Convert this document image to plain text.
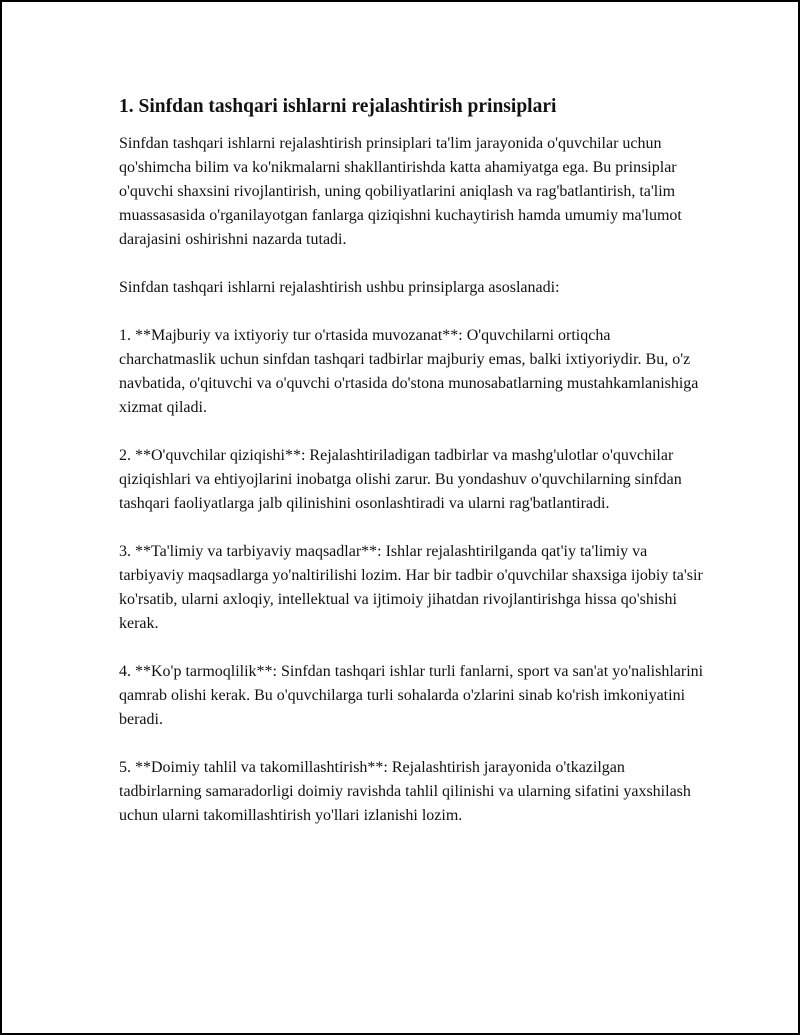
1. Sinfdan tashqari ishlarni rejalashtirish prinsiplari

Sinfdan tashqari ishlarni rejalashtirish prinsiplari ta'lim jarayonida o'quvchilar uchun qo'shimcha bilim va ko'nikmalarni shakllantirishda katta ahamiyatga ega. Bu prinsiplar o'quvchi shaxsini rivojlantirish, uning qobiliyatlarini aniqlash va rag'batlantirish, ta'lim muassasasida o'rganilayotgan fanlarga qiziqishni kuchaytirish hamda umumiy ma'lumot darajasini oshirishni nazarda tutadi.

Sinfdan tashqari ishlarni rejalashtirish ushbu prinsiplarga asoslanadi:

1. **Majburiy va ixtiyoriy tur o'rtasida muvozanat**: O'quvchilarni ortiqcha charchatmaslik uchun sinfdan tashqari tadbirlar majburiy emas, balki ixtiyoriydir. Bu, o'z navbatida, o'qituvchi va o'quvchi o'rtasida do'stona munosabatlarning mustahkamlanishiga xizmat qiladi.

2. **O'quvchilar qiziqishi**: Rejalashtiriladigan tadbirlar va mashg'ulotlar o'quvchilar qiziqishlari va ehtiyojlarini inobatga olishi zarur. Bu yondashuv o'quvchilarning sinfdan tashqari faoliyatlarga jalb qilinishini osonlashtiradi va ularni rag'batlantiradi.

3. **Ta'limiy va tarbiyaviy maqsadlar**: Ishlar rejalashtirilganda qat'iy ta'limiy va tarbiyaviy maqsadlarga yo'naltirilishi lozim. Har bir tadbir o'quvchilar shaxsiga ijobiy ta'sir ko'rsatib, ularni axloqiy, intellektual va ijtimoiy jihatdan rivojlantirishga hissa qo'shishi kerak.

4. **Ko'p tarmoqlilik**: Sinfdan tashqari ishlar turli fanlarni, sport va san'at yo'nalishlarini qamrab olishi kerak. Bu o'quvchilarga turli sohalarda o'zlarini sinab ko'rish imkoniyatini beradi.

5. **Doimiy tahlil va takomillashtirish**: Rejalashtirish jarayonida o'tkazilgan tadbirlarning samaradorligi doimiy ravishda tahlil qilinishi va ularning sifatini yaxshilash uchun ularni takomillashtirish yo'llari izlanishi lozim.
